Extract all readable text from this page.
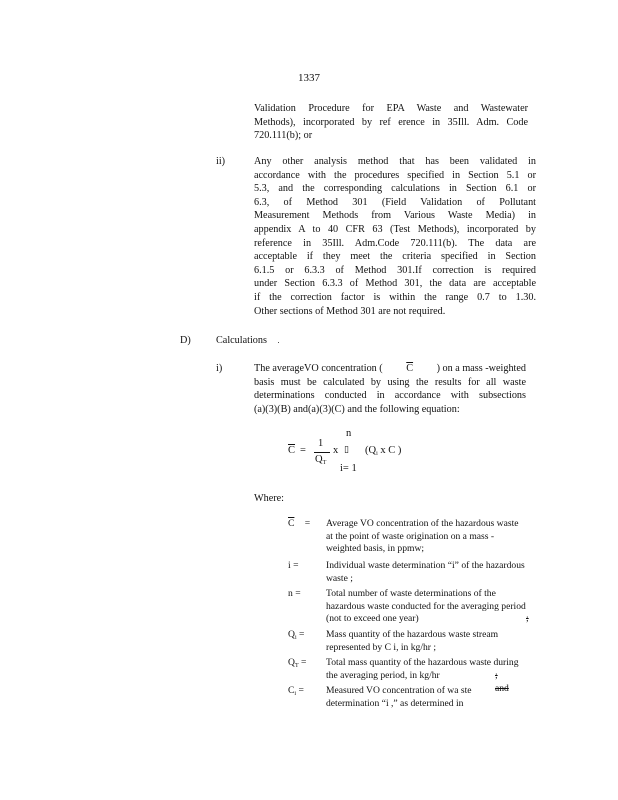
1337
Validation Procedure for EPA Waste and Wastewater
Methods), incorporated by ref erence in 35Ill. Adm. Code
720.111(b); or
ii)	Any other analysis method that has been validated in
accordance with the procedures specified in Section 5.1 or
5.3, and the corresponding calculations in Section 6.1 or
6.3, of Method 301 (Field Validation of Pollutant
Measurement Methods from Various Waste Media) in
appendix A to 40 CFR 63 (Test Methods), incorporated by
reference in 35Ill. Adm.Code 720.111(b). The data are
acceptable if they meet the criteria specified in Section
6.1.5 or 6.3.3 of Method 301.If correction is required
under Section 6.3.3 of Method 301, the data are acceptable
if the correction factor is within the range 0.7 to 1.30.
Other sections of Method 301 are not required.
D) Calculations .
i)	The averageVO concentration ( $\overline{C}$ ) on a mass -weighted
basis must be calculated by using the results for all waste
determinations conducted in accordance with subsections
(a)(3)(B) and(a)(3)(C) and the following equation:
n
$\overline{C}$ =
1
$Q_T$
x ▯ ($Q_i$ x C )
i= 1
Where:
$\overline{C}$ =	Average VO concentration of the hazardous waste at the point of waste origination on a mass -weighted basis, in ppmw;
i =	Individual waste determination “i” of the hazardous waste ;
n =	Total number of waste determinations of the hazardous waste conducted for the averaging period (not to exceed one year)	;
$Q_i$ =	Mass quantity of the hazardous waste stream represented by C i, in kg/hr ;
$Q_T$ =	Total mass quantity of the hazardous waste during the averaging period, in kg/hr	; and
$C_i$ =	Measured VO concentration of wa ste determination “i ,” as determined in
